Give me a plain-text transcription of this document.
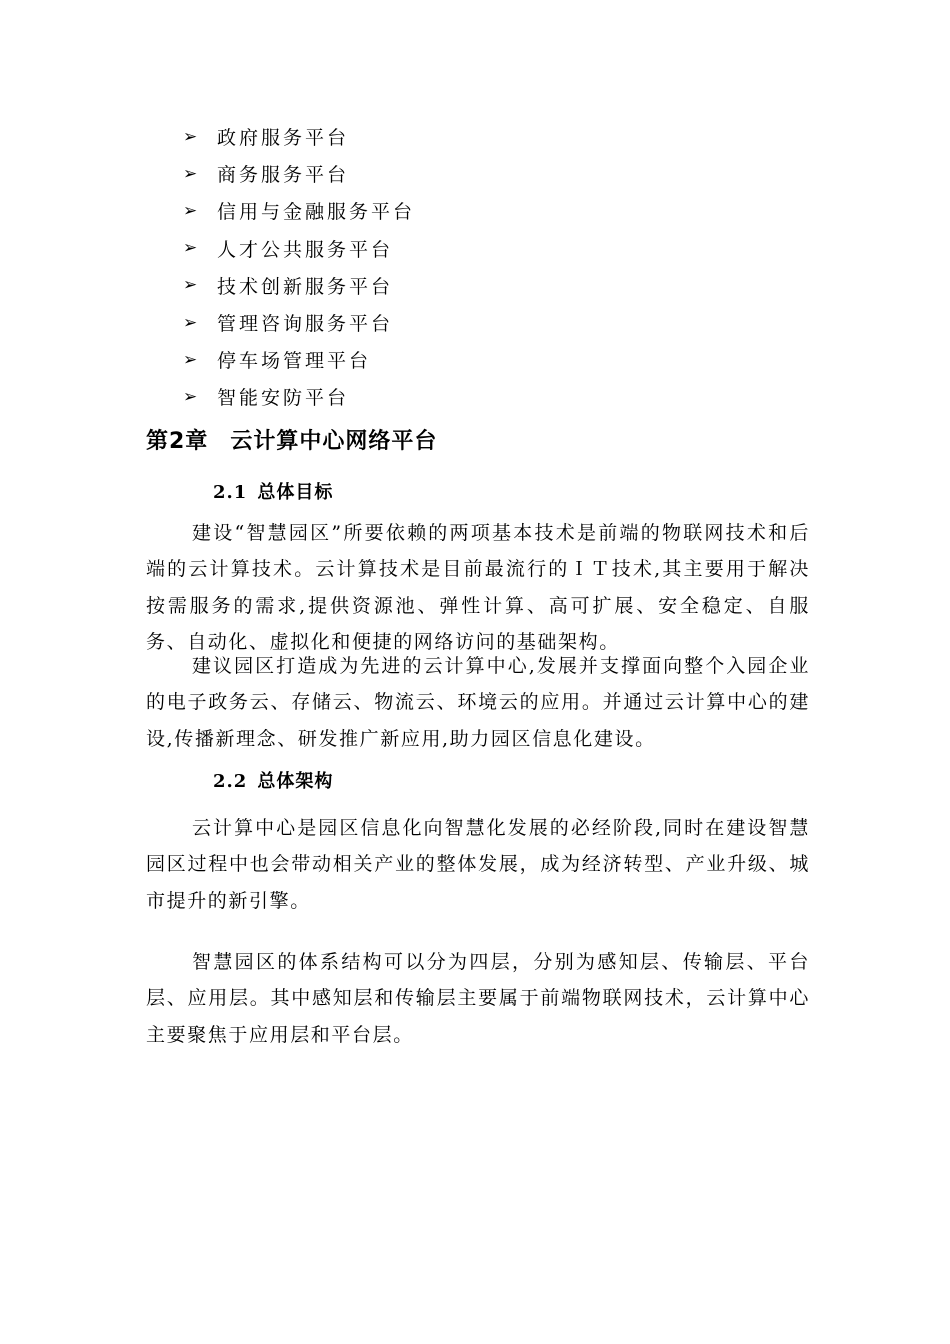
➢	政府服务平台
➢	商务服务平台
➢	信用与金融服务平台
➢	人才公共服务平台
➢	技术创新服务平台
➢	管理咨询服务平台
➢	停车场管理平台
➢	智能安防平台
第2章 云计算中心网络平台
2.1 总体目标

建设“智慧园区”所要依赖的两项基本技术是前端的物联网技术和后端的云计算技术。云计算技术是目前最流行的ＩＴ技术,其主要用于解决按需服务的需求,提供资源池、弹性计算、高可扩展、安全稳定、自服务、自动化、虚拟化和便捷的网络访问的基础架构。

建议园区打造成为先进的云计算中心,发展并支撑面向整个入园企业的电子政务云、存储云、物流云、环境云的应用。并通过云计算中心的建设,传播新理念、研发推广新应用,助力园区信息化建设。

2.2 总体架构

云计算中心是园区信息化向智慧化发展的必经阶段,同时在建设智慧园区过程中也会带动相关产业的整体发展，成为经济转型、产业升级、城市提升的新引擎。

智慧园区的体系结构可以分为四层，分别为感知层、传输层、平台层、应用层。其中感知层和传输层主要属于前端物联网技术，云计算中心主要聚焦于应用层和平台层。
